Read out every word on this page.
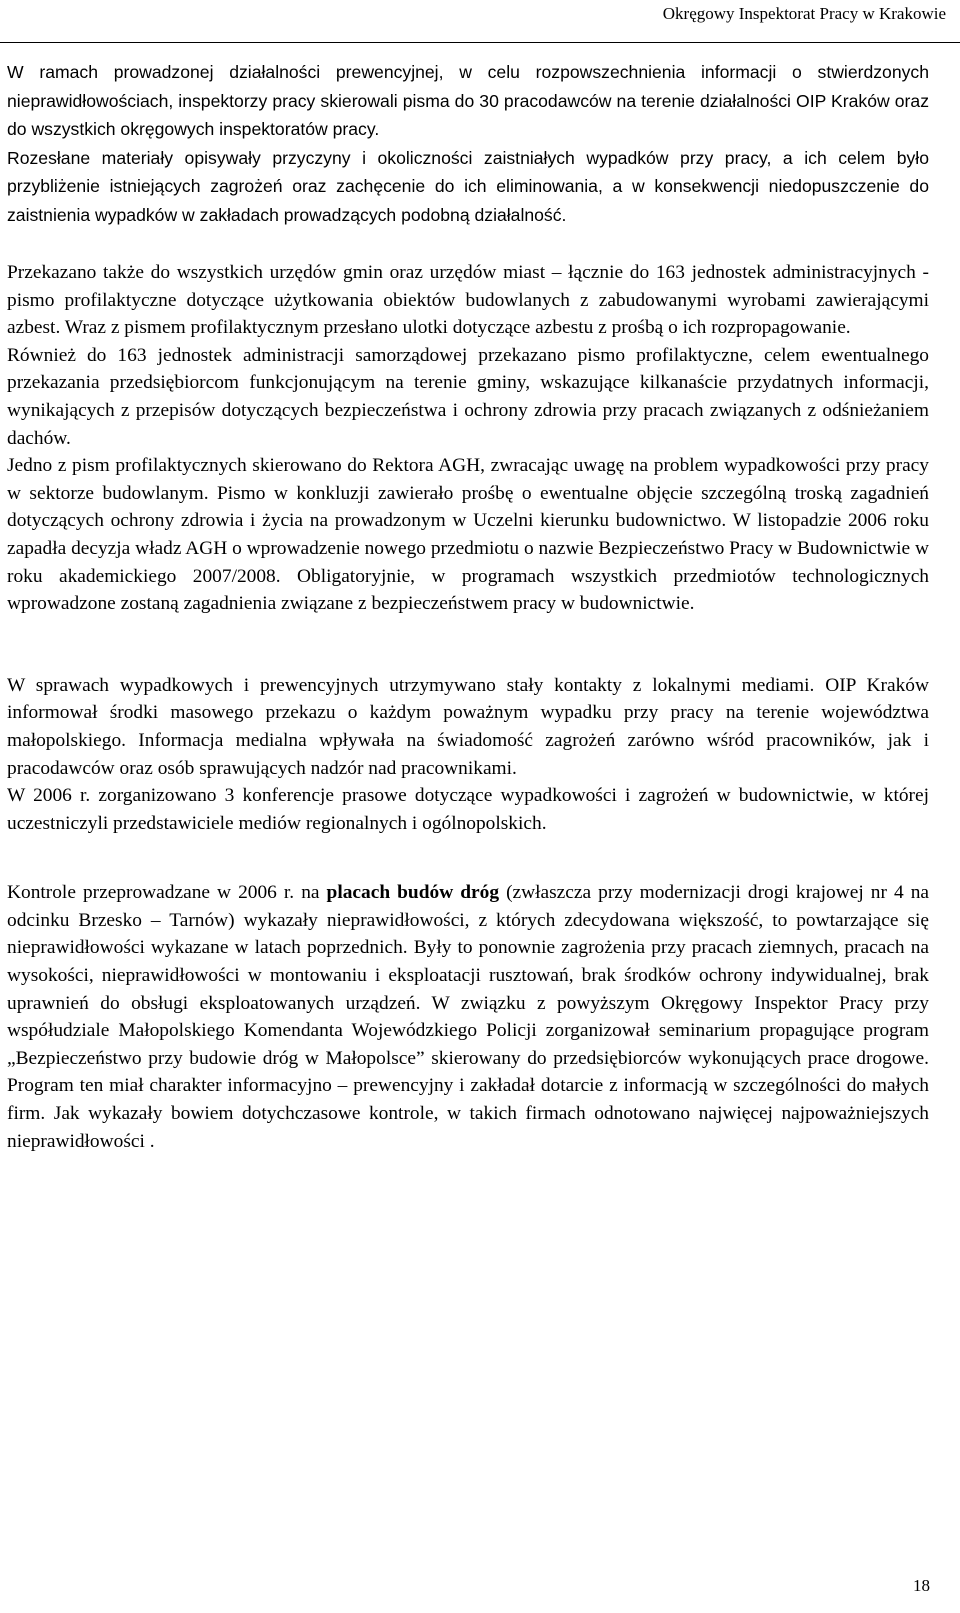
Okręgowy Inspektorat Pracy w Krakowie

W ramach prowadzonej działalności prewencyjnej, w celu rozpowszechnienia informacji o stwierdzonych nieprawidłowościach, inspektorzy pracy skierowali pisma do 30 pracodawców na terenie działalności OIP Kraków oraz do wszystkich okręgowych inspektoratów pracy.

Rozesłane materiały opisywały przyczyny i okoliczności zaistniałych wypadków przy pracy, a ich celem było przybliżenie istniejących zagrożeń oraz zachęcenie do ich eliminowania, a w konsekwencji niedopuszczenie do zaistnienia wypadków w zakładach prowadzących podobną działalność.

Przekazano także do wszystkich urzędów gmin oraz urzędów miast – łącznie do 163 jednostek administracyjnych - pismo profilaktyczne dotyczące użytkowania obiektów budowlanych z zabudowanymi wyrobami zawierającymi azbest. Wraz z pismem profilaktycznym przesłano ulotki dotyczące azbestu z prośbą o ich rozpropagowanie.

Również do 163 jednostek administracji samorządowej przekazano pismo profilaktyczne, celem ewentualnego przekazania przedsiębiorcom funkcjonującym na terenie gminy, wskazujące kilkanaście przydatnych informacji, wynikających z przepisów dotyczących bezpieczeństwa i ochrony zdrowia przy pracach związanych z odśnieżaniem dachów.

Jedno z pism profilaktycznych skierowano do Rektora AGH, zwracając uwagę na problem wypadkowości przy pracy w sektorze budowlanym. Pismo w konkluzji zawierało prośbę o ewentualne objęcie szczególną troską zagadnień dotyczących ochrony zdrowia i życia na prowadzonym w Uczelni kierunku budownictwo. W listopadzie 2006 roku zapadła decyzja władz AGH o wprowadzenie nowego przedmiotu o nazwie Bezpieczeństwo Pracy w Budownictwie w roku akademickiego 2007/2008. Obligatoryjnie, w programach wszystkich przedmiotów technologicznych wprowadzone zostaną zagadnienia związane z bezpieczeństwem pracy w budownictwie.

W sprawach wypadkowych i prewencyjnych utrzymywano stały kontakty z lokalnymi mediami. OIP Kraków informował środki masowego przekazu o każdym poważnym wypadku przy pracy na terenie województwa małopolskiego. Informacja medialna wpływała na świadomość zagrożeń zarówno wśród pracowników, jak i pracodawców oraz osób sprawujących nadzór nad pracownikami.

W 2006 r. zorganizowano 3 konferencje prasowe dotyczące wypadkowości i zagrożeń w budownictwie, w której uczestniczyli przedstawiciele mediów regionalnych i ogólnopolskich.

Kontrole przeprowadzane w 2006 r. na placach budów dróg (zwłaszcza przy modernizacji drogi krajowej nr 4 na odcinku Brzesko – Tarnów) wykazały nieprawidłowości, z których zdecydowana większość, to powtarzające się nieprawidłowości wykazane w latach poprzednich. Były to ponownie zagrożenia przy pracach ziemnych, pracach na wysokości, nieprawidłowości w montowaniu i eksploatacji rusztowań, brak środków ochrony indywidualnej, brak uprawnień do obsługi eksploatowanych urządzeń. W związku z powyższym Okręgowy Inspektor Pracy przy współudziale Małopolskiego Komendanta Wojewódzkiego Policji zorganizował seminarium propagujące program „Bezpieczeństwo przy budowie dróg w Małopolsce” skierowany do przedsiębiorców wykonujących prace drogowe. Program ten miał charakter informacyjno – prewencyjny i zakładał dotarcie z informacją w szczególności do małych firm. Jak wykazały bowiem dotychczasowe kontrole, w takich firmach odnotowano najwięcej najpoważniejszych nieprawidłowości .

18
